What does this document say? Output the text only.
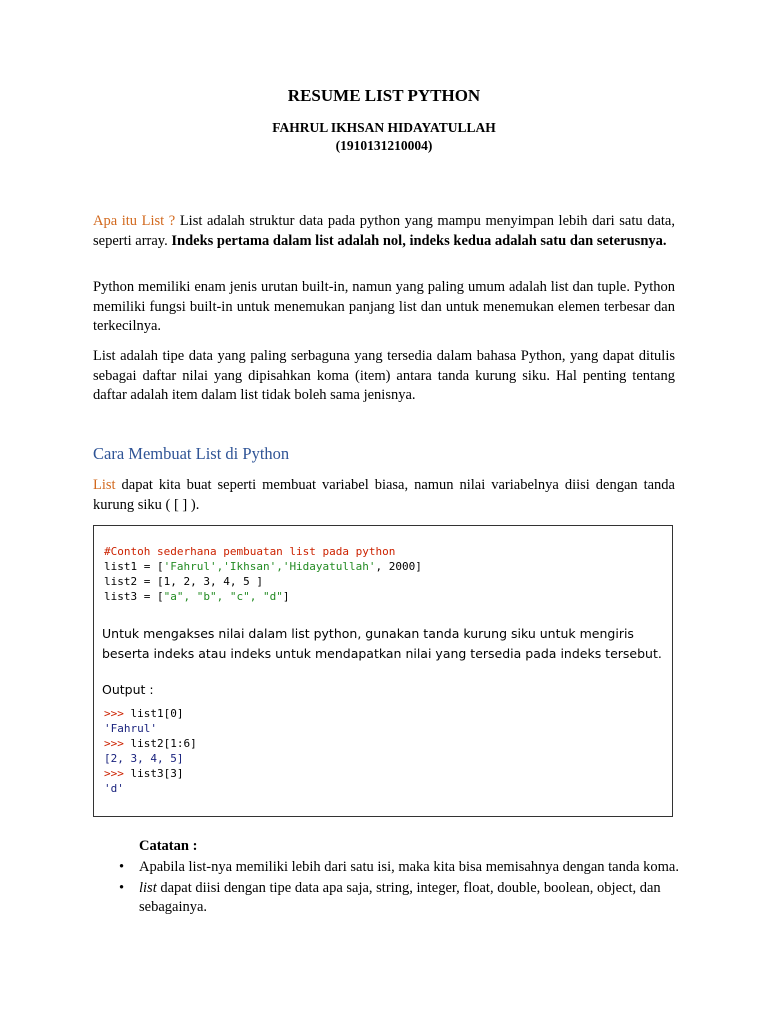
RESUME LIST PYTHON
FAHRUL IKHSAN HIDAYATULLAH
(1910131210004)
Apa itu List ? List adalah struktur data pada python yang mampu menyimpan lebih dari satu data, seperti array. Indeks pertama dalam list adalah nol, indeks kedua adalah satu dan seterusnya.
Python memiliki enam jenis urutan built-in, namun yang paling umum adalah list dan tuple. Python memiliki fungsi built-in untuk menemukan panjang list dan untuk menemukan elemen terbesar dan terkecilnya.
List adalah tipe data yang paling serbaguna yang tersedia dalam bahasa Python, yang dapat ditulis sebagai daftar nilai yang dipisahkan koma (item) antara tanda kurung siku. Hal penting tentang daftar adalah item dalam list tidak boleh sama jenisnya.
Cara Membuat List di Python
List dapat kita buat seperti membuat variabel biasa, namun nilai variabelnya diisi dengan tanda kurung siku ( [ ] ).
#Contoh sederhana pembuatan list pada python
list1 = ['Fahrul','Ikhsan','Hidayatullah', 2000]
list2 = [1, 2, 3, 4, 5 ]
list3 = ["a", "b", "c", "d"]
Untuk mengakses nilai dalam list python, gunakan tanda kurung siku untuk mengiris beserta indeks atau indeks untuk mendapatkan nilai yang tersedia pada indeks tersebut.
Output :
>>> list1[0]
'Fahrul'
>>> list2[1:6]
[2, 3, 4, 5]
>>> list3[3]
'd'
Catatan :
• Apabila list-nya memiliki lebih dari satu isi, maka kita bisa memisahnya dengan tanda koma.
• list dapat diisi dengan tipe data apa saja, string, integer, float, double, boolean, object, dan sebagainya.
